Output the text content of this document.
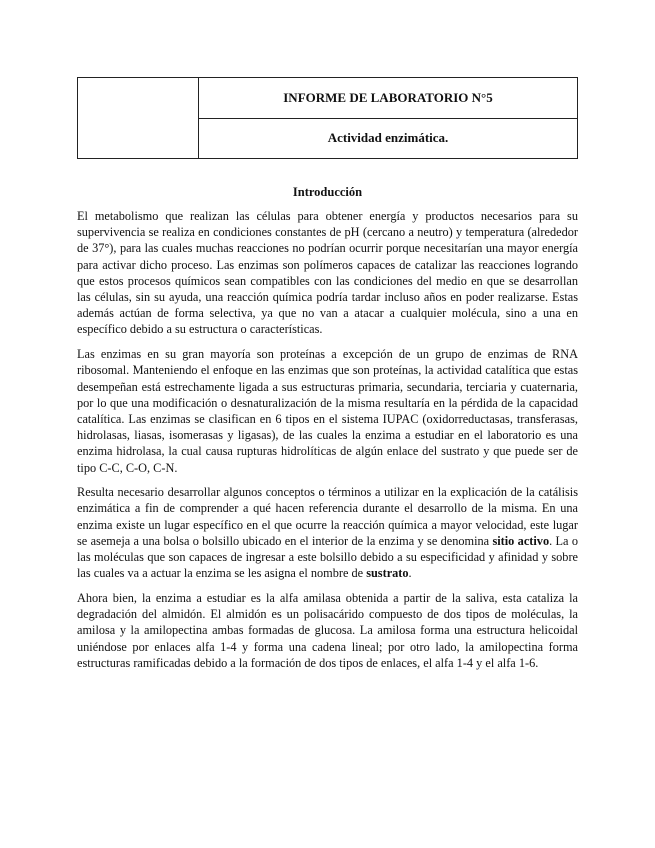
INFORME DE LABORATORIO N°5
Actividad enzimática.
Introducción

El metabolismo que realizan las células para obtener energía y productos necesarios para su supervivencia se realiza en condiciones constantes de pH (cercano a neutro) y temperatura (alrededor de 37°), para las cuales muchas reacciones no podrían ocurrir porque necesitarían una mayor energía para activar dicho proceso. Las enzimas son polímeros capaces de catalizar las reacciones logrando que estos procesos químicos sean compatibles con las condiciones del medio en que se desarrollan las células, sin su ayuda, una reacción química podría tardar incluso años en poder realizarse. Estas además actúan de forma selectiva, ya que no van a atacar a cualquier molécula, sino a una en específico debido a su estructura o características.

Las enzimas en su gran mayoría son proteínas a excepción de un grupo de enzimas de RNA ribosomal. Manteniendo el enfoque en las enzimas que son proteínas, la actividad catalítica que estas desempeñan está estrechamente ligada a sus estructuras primaria, secundaria, terciaria y cuaternaria, por lo que una modificación o desnaturalización de la misma resultaría en la pérdida de la capacidad catalítica. Las enzimas se clasifican en 6 tipos en el sistema IUPAC (oxidorreductasas, transferasas, hidrolasas, liasas, isomerasas y ligasas), de las cuales la enzima a estudiar en el laboratorio es una enzima hidrolasa, la cual causa rupturas hidrolíticas de algún enlace del sustrato y que puede ser de tipo C-C, C-O, C-N.

Resulta necesario desarrollar algunos conceptos o términos a utilizar en la explicación de la catálisis enzimática a fin de comprender a qué hacen referencia durante el desarrollo de la misma. En una enzima existe un lugar específico en el que ocurre la reacción química a mayor velocidad, este lugar se asemeja a una bolsa o bolsillo ubicado en el interior de la enzima y se denomina sitio activo. La o las moléculas que son capaces de ingresar a este bolsillo debido a su especificidad y afinidad y sobre las cuales va a actuar la enzima se les asigna el nombre de sustrato.

Ahora bien, la enzima a estudiar es la alfa amilasa obtenida a partir de la saliva, esta cataliza la degradación del almidón. El almidón es un polisacárido compuesto de dos tipos de moléculas, la amilosa y la amilopectina ambas formadas de glucosa. La amilosa forma una estructura helicoidal uniéndose por enlaces alfa 1-4 y forma una cadena lineal; por otro lado, la amilopectina forma estructuras ramificadas debido a la formación de dos tipos de enlaces, el alfa 1-4 y el alfa 1-6.
